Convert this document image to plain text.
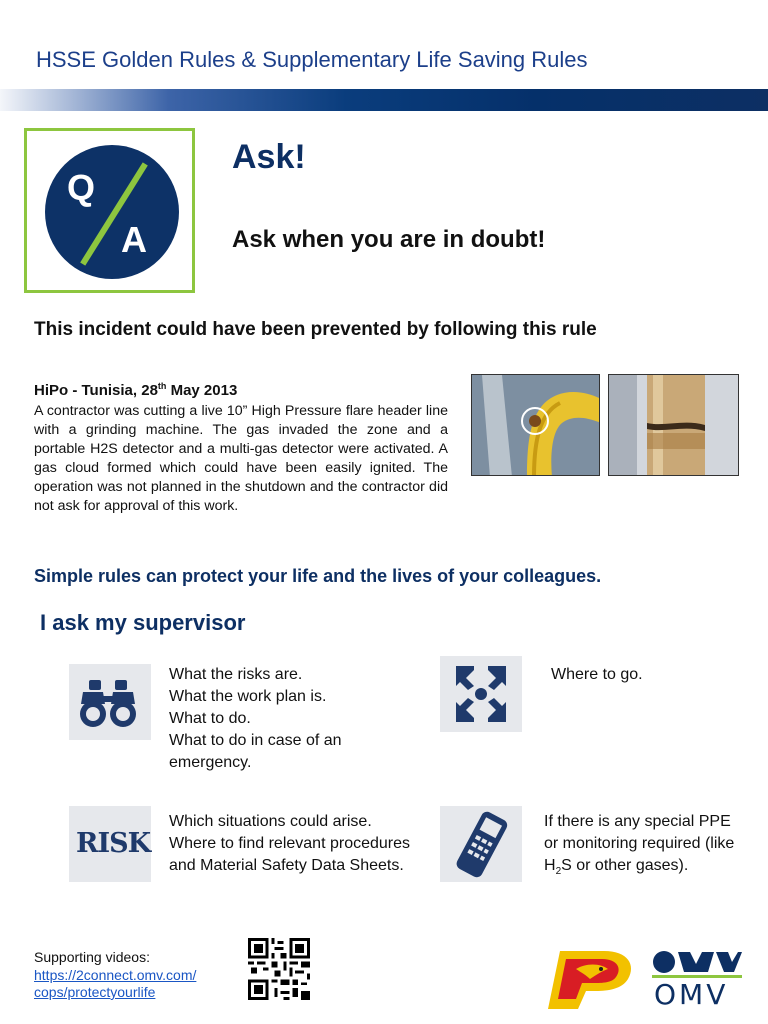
HSSE Golden Rules & Supplementary Life Saving Rules
Q
A
Ask!
Ask when you are in doubt!
This incident could have been prevented by following this rule
HiPo - Tunisia, 28th May 2013
A contractor was cutting a live 10” High Pressure flare header line with a grinding machine. The gas invaded the zone and a portable H2S detector and a multi-gas detector were activated. A gas cloud formed which could have been easily ignited. The operation was not planned in the shutdown and the contractor did not ask for approval of this work.
Simple rules can protect your life and the lives of your colleagues.
I ask my supervisor
What the risks are.
What the work plan is.
What to do.
What to do in case of an emergency.
Where to go.
RISK
Which situations could arise.
Where to find relevant procedures and Material Safety Data Sheets.
If there is any special PPE or monitoring required (like $H_2S$ or other gases).
Supporting videos:
https://2connect.omv.com/
cops/protectyourlife	OMV
